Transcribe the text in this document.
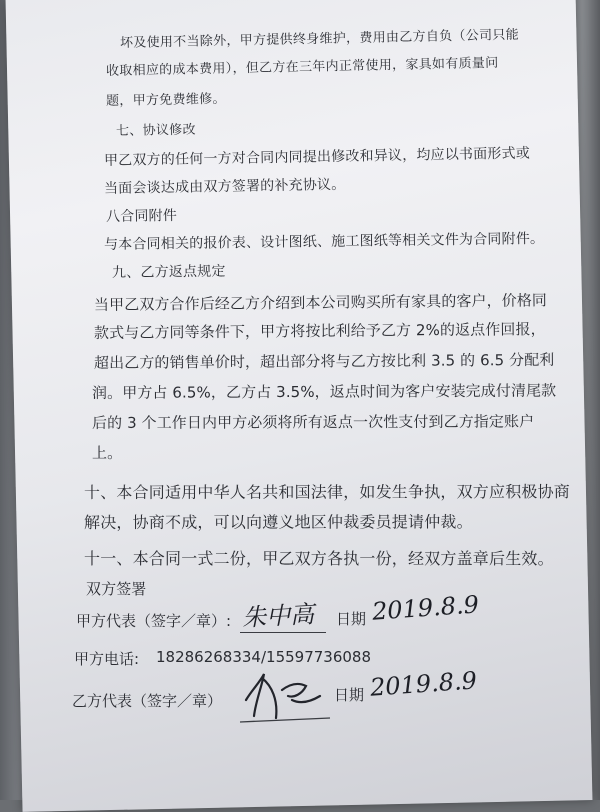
坏及使用不当除外，甲方提供终身维护，费用由乙方自负（公司只能
收取相应的成本费用），但乙方在三年内正常使用，家具如有质量问
题，甲方免费维修。
七、协议修改
甲乙双方的任何一方对合同内同提出修改和异议，均应以书面形式或
当面会谈达成由双方签署的补充协议。
八合同附件
与本合同相关的报价表、设计图纸、施工图纸等相关文件为合同附件。
九、乙方返点规定
当甲乙双方合作后经乙方介绍到本公司购买所有家具的客户，价格同
款式与乙方同等条件下，甲方将按比利给予乙方 2%的返点作回报，
超出乙方的销售单价时，超出部分将与乙方按比利 3.5 的 6.5 分配利
润。甲方占 6.5%，乙方占 3.5%，返点时间为客户安装完成付清尾款
后的 3 个工作日内甲方必须将所有返点一次性支付到乙方指定账户
上。
十、本合同适用中华人名共和国法律，如发生争执，双方应积极协商
解决，协商不成，可以向遵义地区仲裁委员提请仲裁。
十一、本合同一式二份，甲乙双方各执一份，经双方盖章后生效。
双方签署
甲方代表（签字／章）: 朱中高 日期 2019.8.9
甲方电话: 18286268334/15597736088
乙方代表（签字／章）	日期 2019.8.9
